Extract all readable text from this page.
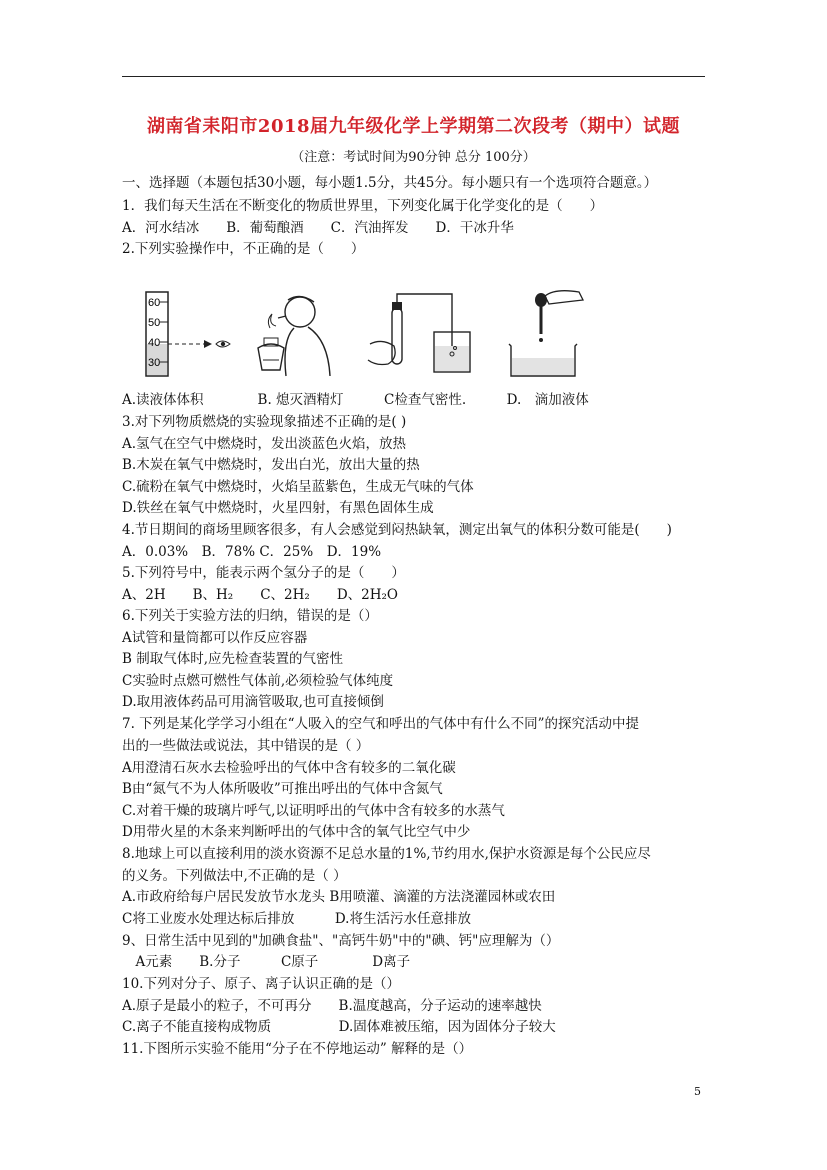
湖南省耒阳市2018届九年级化学上学期第二次段考（期中）试题
（注意：考试时间为90分钟 总分 100分）
一、选择题（本题包括30小题，每小题1.5分，共45分。每小题只有一个选项符合题意。）
1．我们每天生活在不断变化的物质世界里，下列变化属于化学变化的是（　　）
A．河水结冰　　B．葡萄酿酒　　C．汽油挥发　　D．干冰升华
2.下列实验操作中，不正确的是（　　）
A.读液体体积　　　　B. 熄灭酒精灯　　　C检查气密性.　　　D.　滴加液体
3.对下列物质燃烧的实验现象描述不正确的是( )
A.氢气在空气中燃烧时，发出淡蓝色火焰，放热
B.木炭在氧气中燃烧时，发出白光，放出大量的热
C.硫粉在氧气中燃烧时，火焰呈蓝紫色，生成无气味的气体
D.铁丝在氧气中燃烧时，火星四射，有黑色固体生成
4.节日期间的商场里顾客很多，有人会感觉到闷热缺氧，测定出氧气的体积分数可能是(　　)
A．0.03%　B．78% C．25%　D．19%
5.下列符号中，能表示两个氢分子的是（　　）
A、2H　　B、H₂　　C、2H₂　　D、2H₂O
6.下列关于实验方法的归纳，错误的是（）
A试管和量筒都可以作反应容器
B 制取气体时,应先检查装置的气密性
C实验时点燃可燃性气体前,必须检验气体纯度
D.取用液体药品可用滴管吸取,也可直接倾倒
7. 下列是某化学学习小组在“人吸入的空气和呼出的气体中有什么不同”的探究活动中提
出的一些做法或说法，其中错误的是（ ）
A用澄清石灰水去检验呼出的气体中含有较多的二氧化碳
B由“氮气不为人体所吸收”可推出呼出的气体中含氮气
C.对着干燥的玻璃片呼气,以证明呼出的气体中含有较多的水蒸气
D用带火星的木条来判断呼出的气体中含的氧气比空气中少
8.地球上可以直接利用的淡水资源不足总水量的1%,节约用水,保护水资源是每个公民应尽
的义务。下列做法中,不正确的是（ ）
A.市政府给每户居民发放节水龙头 B用喷灌、滴灌的方法浇灌园林或农田
C将工业废水处理达标后排放　　　D.将生活污水任意排放
9、日常生活中见到的"加碘食盐"、"高钙牛奶"中的"碘、钙"应理解为（）
　A元素　　B.分子　　　C原子　　　　D离子
10.下列对分子、原子、离子认识正确的是（）
A.原子是最小的粒子，不可再分　　B.温度越高，分子运动的速率越快
C.离子不能直接构成物质　　　　　D.固体难被压缩，因为固体分子较大
11.下图所示实验不能用“分子在不停地运动” 解释的是（）
60
50
40
30
5
